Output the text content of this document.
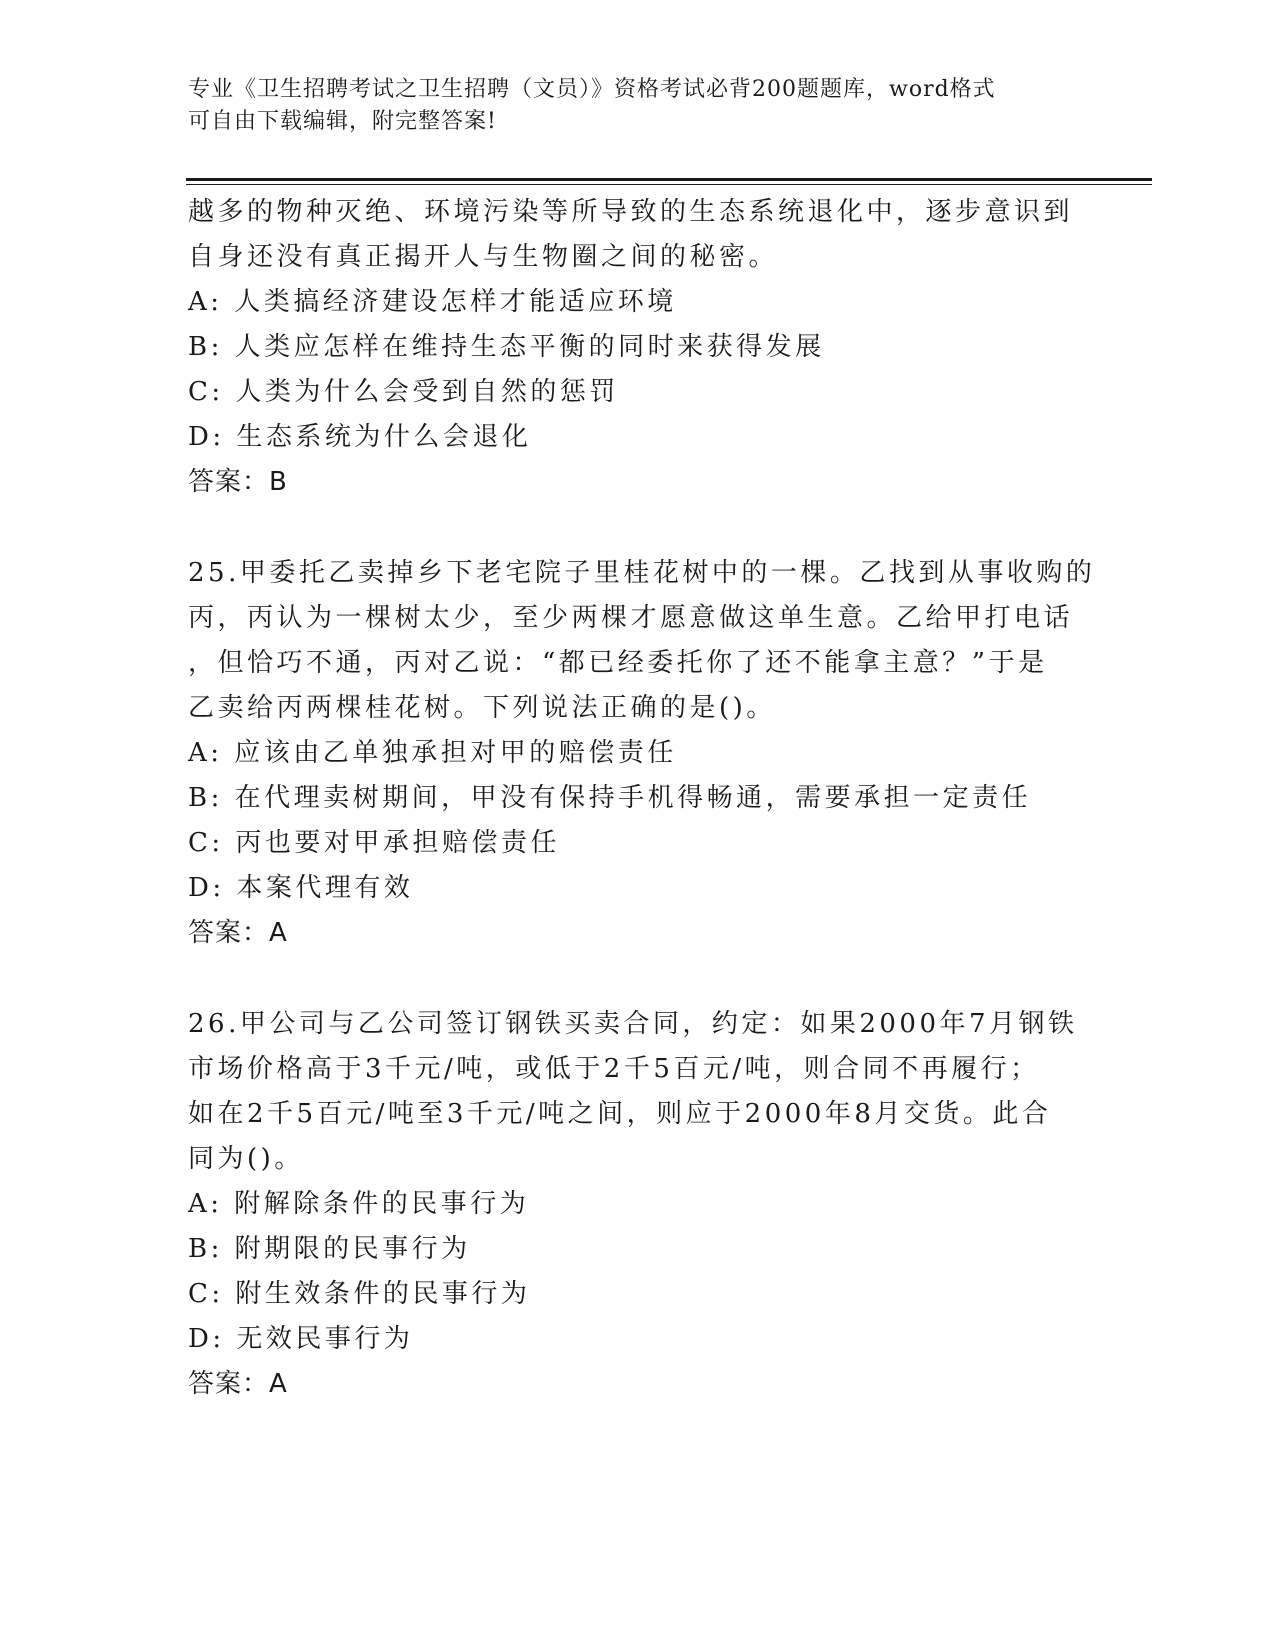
专业《卫生招聘考试之卫生招聘（文员）》资格考试必背200题题库，word格式
可自由下载编辑，附完整答案!
越多的物种灭绝、环境污染等所导致的生态系统退化中，逐步意识到
自身还没有真正揭开人与生物圈之间的秘密。
A: 人类搞经济建设怎样才能适应环境
B: 人类应怎样在维持生态平衡的同时来获得发展
C: 人类为什么会受到自然的惩罚
D: 生态系统为什么会退化
答案：B
25.甲委托乙卖掉乡下老宅院子里桂花树中的一棵。乙找到从事收购的
丙，丙认为一棵树太少，至少两棵才愿意做这单生意。乙给甲打电话
，但恰巧不通，丙对乙说：“都已经委托你了还不能拿主意？”于是
乙卖给丙两棵桂花树。下列说法正确的是()。
A: 应该由乙单独承担对甲的赔偿责任
B: 在代理卖树期间，甲没有保持手机得畅通，需要承担一定责任
C: 丙也要对甲承担赔偿责任
D: 本案代理有效
答案：A
26.甲公司与乙公司签订钢铁买卖合同，约定：如果2000年7月钢铁
市场价格高于3千元/吨，或低于2千5百元/吨，则合同不再履行；
如在2千5百元/吨至3千元/吨之间，则应于2000年8月交货。此合
同为()。
A: 附解除条件的民事行为
B: 附期限的民事行为
C: 附生效条件的民事行为
D: 无效民事行为
答案：A
